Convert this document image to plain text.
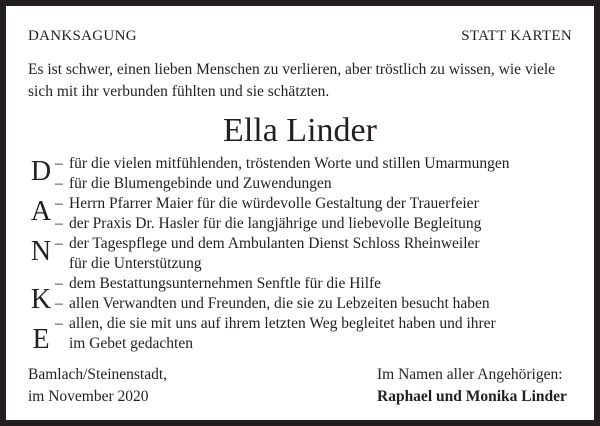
DANKSAGUNG	STATT KARTEN
Es ist schwer, einen lieben Menschen zu verlieren, aber tröstlich zu wissen, wie viele
sich mit ihr verbunden fühlten und sie schätzten.
Ella Linder
D
A
N
K
E
– für die vielen mitfühlenden, tröstenden Worte und stillen Umarmungen
– für die Blumengebinde und Zuwendungen
– Herrn Pfarrer Maier für die würdevolle Gestaltung der Trauerfeier
– der Praxis Dr. Hasler für die langjährige und liebevolle Begleitung
– der Tagespflege und dem Ambulanten Dienst Schloss Rheinweiler
für die Unterstützung
– dem Bestattungsunternehmen Senftle für die Hilfe
– allen Verwandten und Freunden, die sie zu Lebzeiten besucht haben
– allen, die sie mit uns auf ihrem letzten Weg begleitet haben und ihrer
im Gebet gedachten
Bamlach/Steinenstadt,
im November 2020
Im Namen aller Angehörigen:
Raphael und Monika Linder
